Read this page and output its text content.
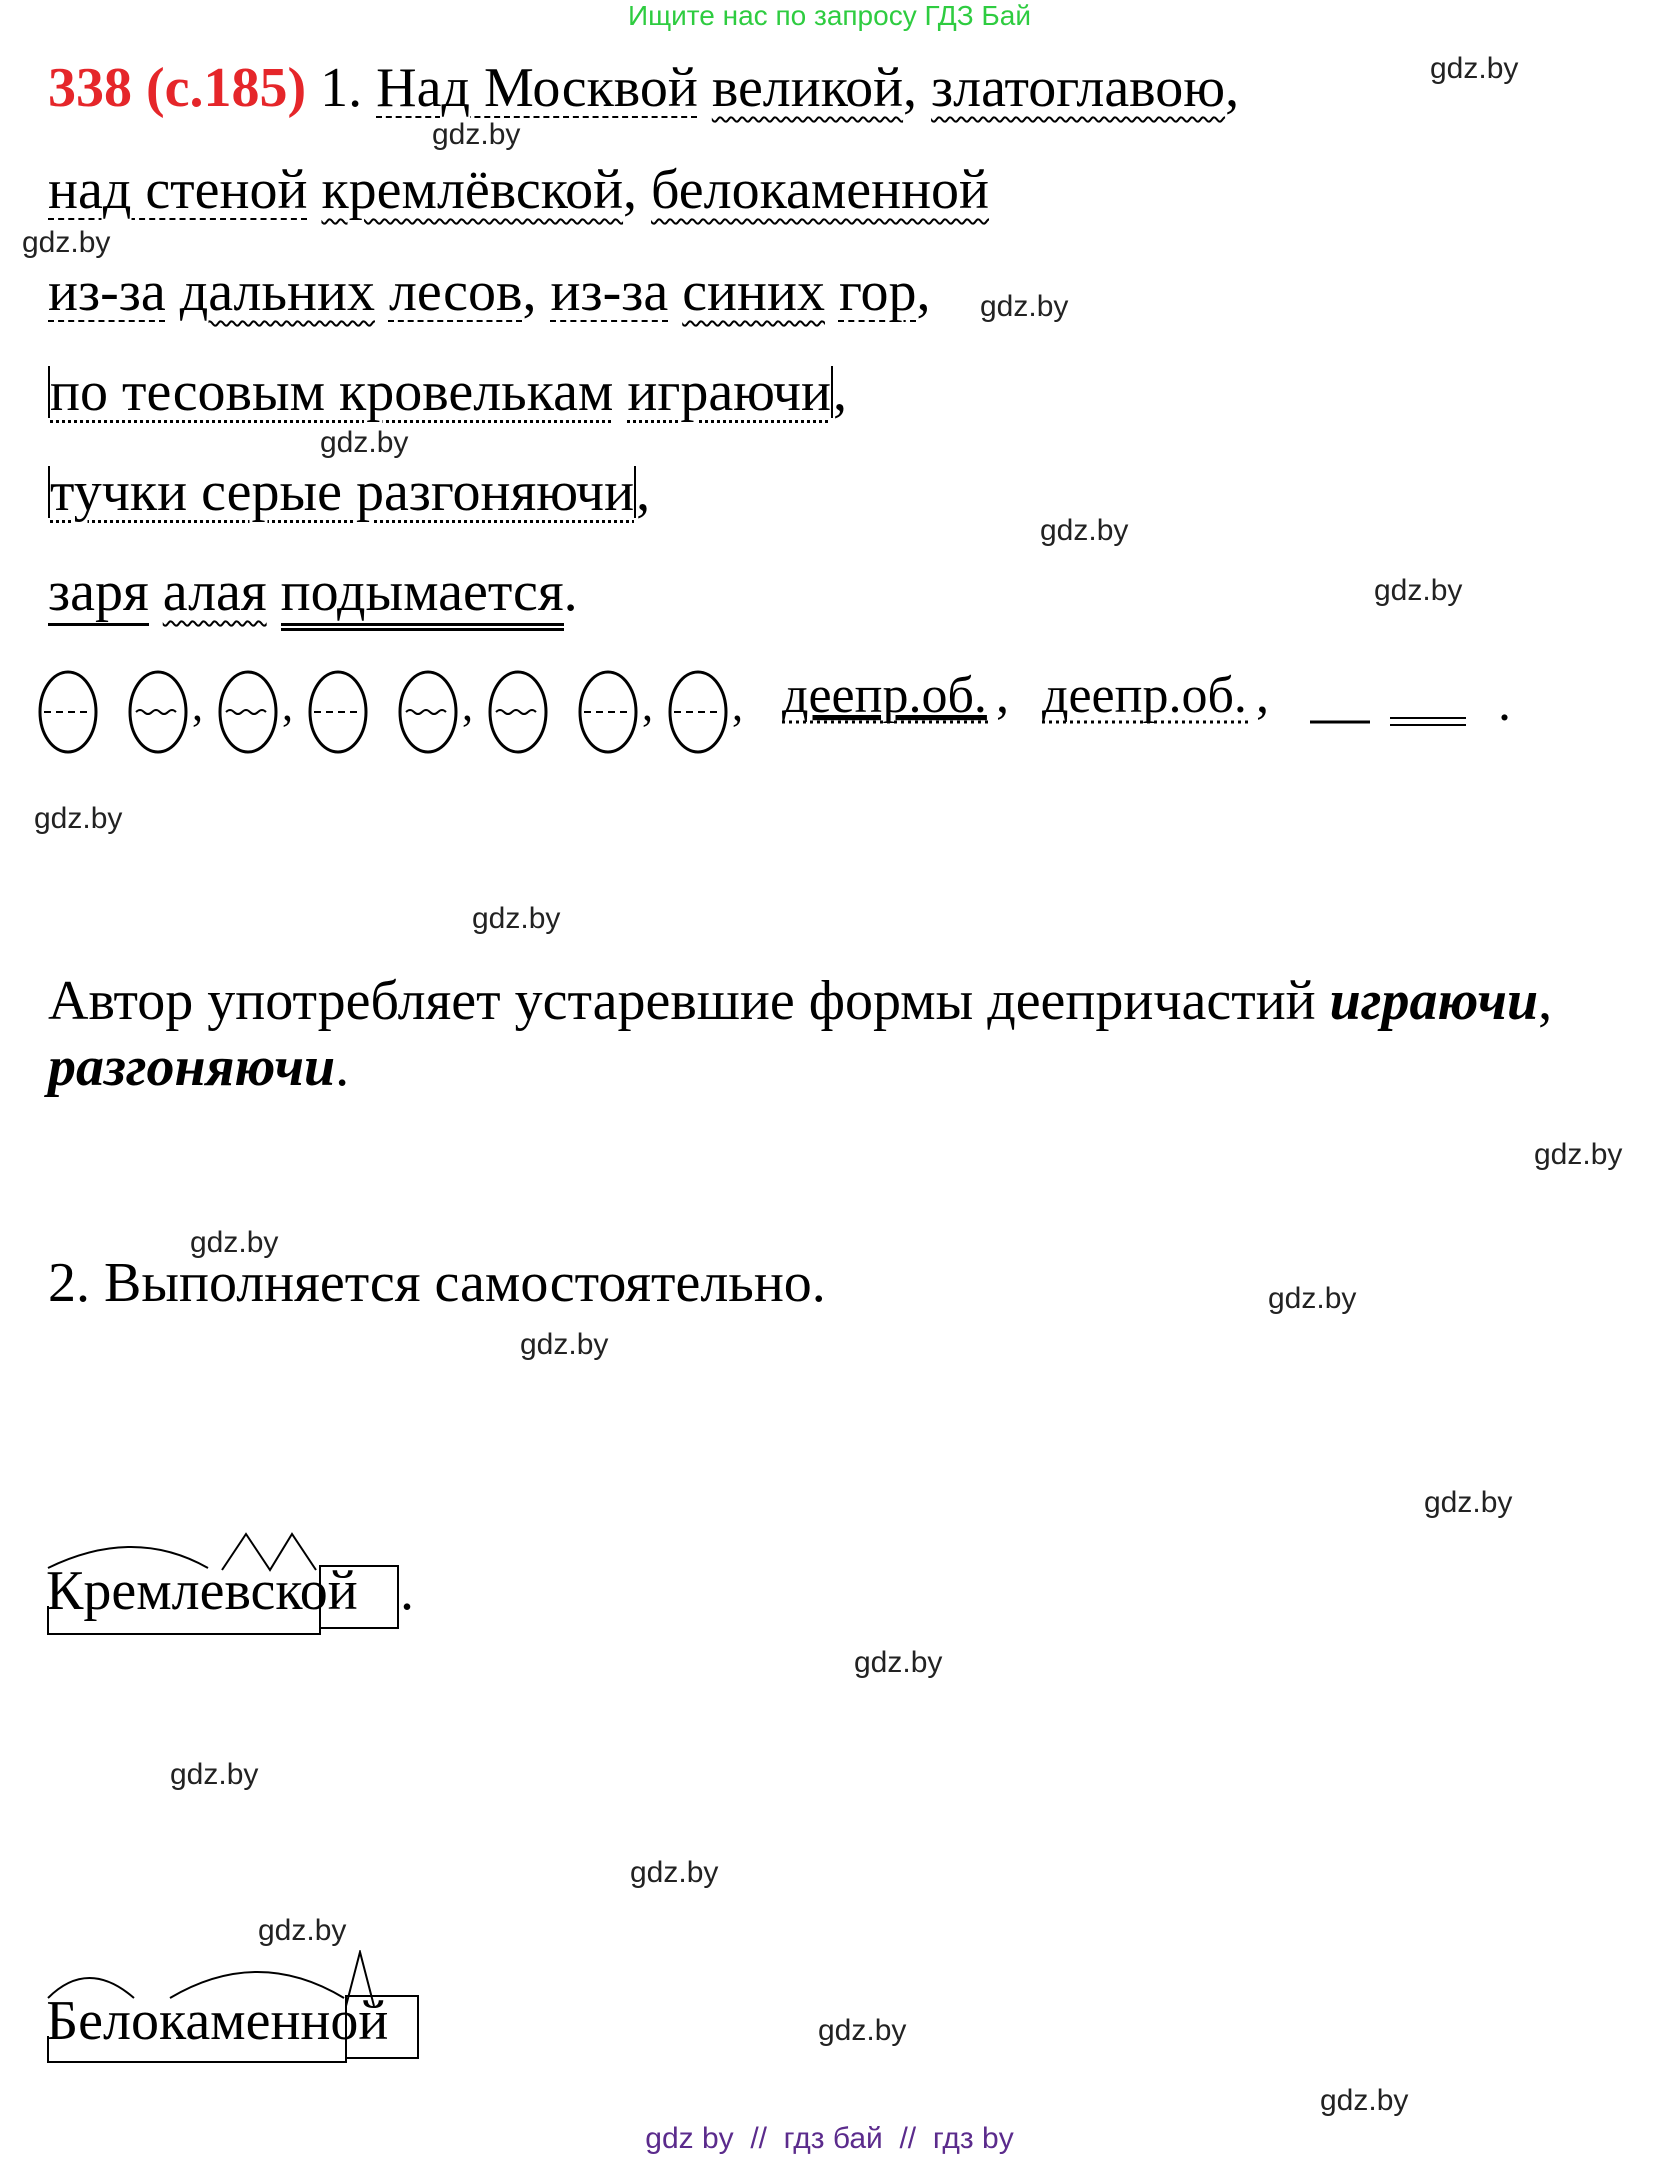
Ищите нас по запросу ГДЗ Бай
338 (с.185) 1. Над Москвой великой, златоглавою,
над стеной кремлёвской, белокаменной
из-за дальних лесов, из-за синих гор,
по тесовым кровелькам играючи,
тучки серые разгоняючи,
заря алая подымается.
, ,	,	, , деепр.об. , деепр.об. ,	.
Автор употребляет устаревшие формы деепричастий играючи,
разгоняючи.
2. Выполняется самостоятельно.
Кремлевской .
Белокаменной
gdz.by
gdz.by
gdz.by
gdz.by
gdz.by
gdz.by
gdz.by
gdz.by
gdz.by
gdz.by
gdz.by
gdz.by
gdz.by
gdz.by
gdz.by
gdz.by
gdz.by
gdz.by
gdz.by
gdz.by
gdz by  //  гдз бай  //  гдз by
